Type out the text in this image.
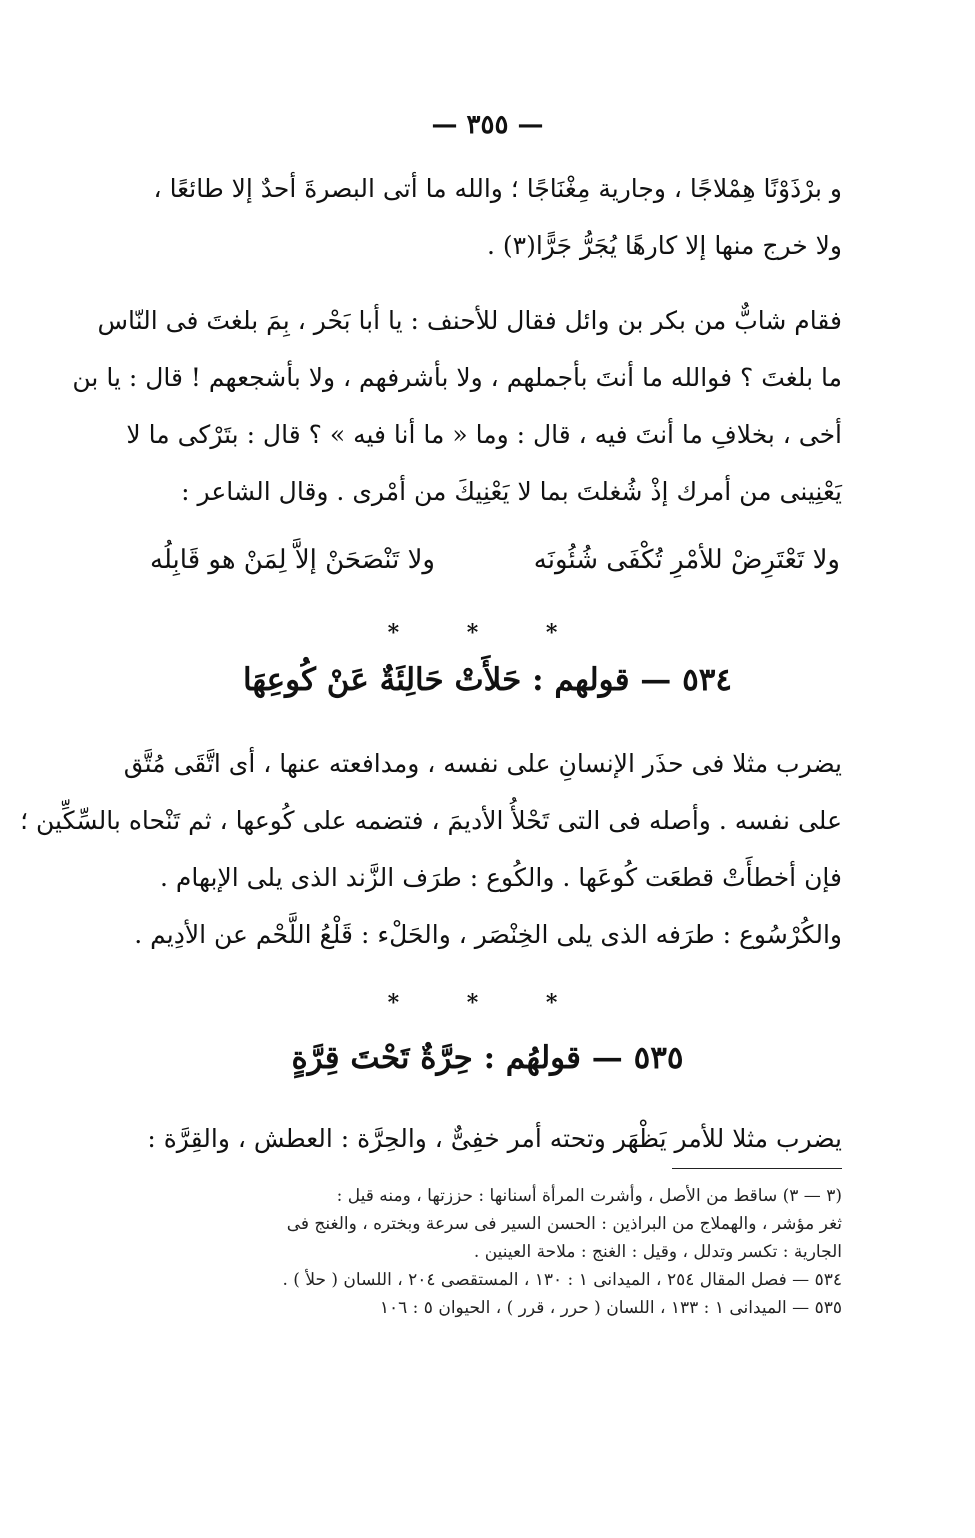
— ٣٥٥ —
و برْذَوْنًا هِمْلاجًا ، وجارية مِغْنَاجًا ؛ والله ما أتى البصرةَ أحدٌ إلا طائعًا ،
ولا خرج منها إلا كارهًا يُجَرُّ جَرًّا(٣) .
فقام شابٌّ من بكر بن وائل فقال للأحنف : يا أبا بَحْر ، بِمَ بلغتَ فى النّاس
ما بلغتَ ؟ فوالله ما أنتَ بأجملهم ، ولا بأشرفهم ، ولا بأشجعهم ! قال : يا بن
أخى ، بخلافِ ما أنتَ فيه ، قال : وما « ما أنا فيه » ؟ قال : بتَرْكى ما لا
يَعْنِينى من أمرك إذْ شُغلتَ بما لا يَعْنِيكَ من أمْرى . وقال الشاعر :
ولا تَعْتَرِضْ للأمْرِ تُكْفَى شُئُونَه
ولا تَنْصَحَنْ إلاَّ لِمَنْ هو قَابِلُه
* * *
٥٣٤ — قولهم : حَلأَتْ حَالِئَةٌ عَنْ كُوعِهَا
يضرب مثلا فى حذَر الإنسانِ على نفسه ، ومدافعته عنها ، أى اتَّقَى مُتَّق
على نفسه . وأصله فى التى تَحْلأُ الأديمَ ، فتضمه على كُوعها ، ثم تَنْحاه بالسِّكِّين ؛
فإن أخطأَتْ قطعَت كُوعَها . والكُوع : طرَف الزَّند الذى يلى الإبهام .
والكُرْسُوع : طرَفه الذى يلى الخِنْصَر ، والحَلْء : قَلْعُ اللَّحْم عن الأدِيم .
* * *
٥٣٥ — قولهُم : حِرَّةٌ تَحْتَ قِرَّةٍ
يضرب مثلا للأمر يَظْهَر وتحته أمر خفِىٌّ ، والحِرَّة : العطش ، والقِرَّة :
(٣ — ٣) ساقط من الأصل ، وأشرت المرأة أسنانها : حززتها ، ومنه قيل :
ثغر مؤشر ، والهملاج من البراذين : الحسن السير فى سرعة وبختره ، والغنج فى
الجارية : تكسر وتدلل ، وقيل : الغنج : ملاحة العينين .
٥٣٤ — فصل المقال ٢٥٤ ، الميدانى ١ : ١٣٠ ، المستقصى ٢٠٤ ، اللسان ( حلأ ) .
٥٣٥ — الميدانى ١ : ١٣٣ ، اللسان ( حرر ، قرر ) ، الحيوان ٥ : ١٠٦
